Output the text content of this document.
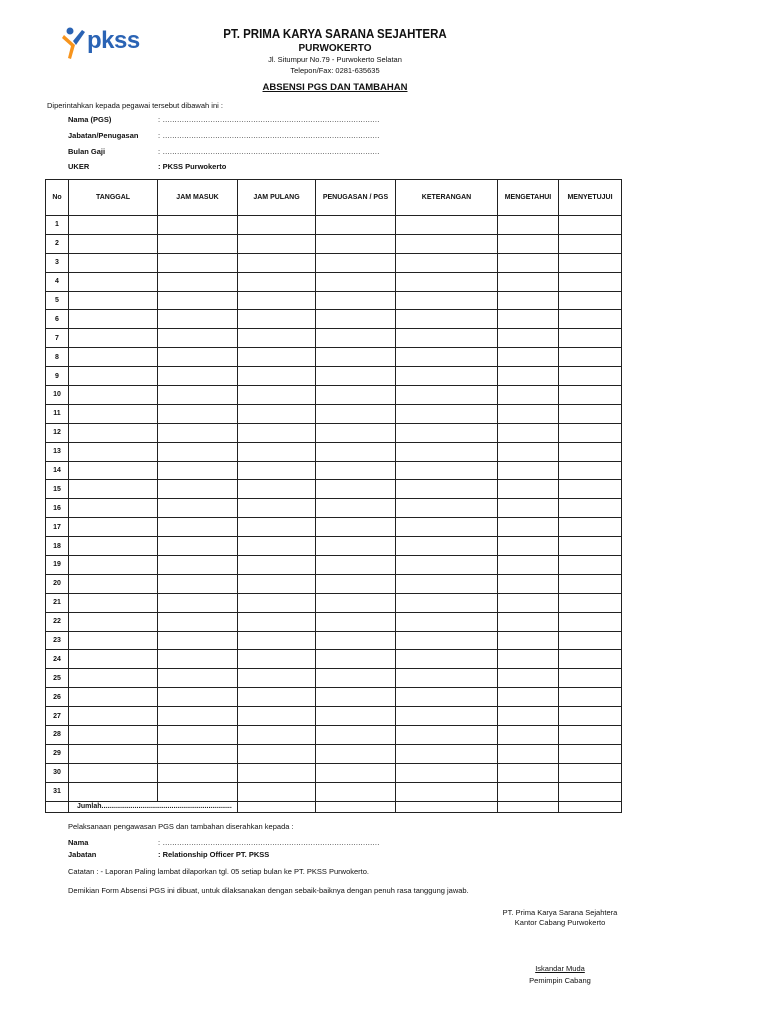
pkss	PT. PRIMA KARYA SARANA SEJAHTERA
PURWOKERTO
Jl. Situmpur No.79 - Purwokerto Selatan
Telepon/Fax: 0281-635635
ABSENSI PGS DAN TAMBAHAN
Diperintahkan kepada pegawai tersebut dibawah ini :
Nama (PGS)	: ...........................................................................................
Jabatan/Penugasan	: ...........................................................................................
Bulan Gaji	: ...........................................................................................
UKER	: PKSS Purwokerto
No	TANGGAL	JAM MASUK	JAM PULANG	PENUGASAN / PGS	KETERANGAN	MENGETAHUI	MENYETUJUI
1							
2							
3							
4							
5							
6							
7							
8							
9							
10							
11							
12							
13							
14							
15							
16							
17							
18							
19							
20							
21							
22							
23							
24							
25							
26							
27							
28							
29							
30							
31							
	Jumlah...................................................................						
Pelaksanaan pengawasan PGS dan tambahan diserahkan kepada :
Nama	: ...........................................................................................
Jabatan	: Relationship Officer PT. PKSS
Catatan : - Laporan Paling lambat dilaporkan tgl. 05 setiap bulan ke PT. PKSS Purwokerto.
Demikian Form Absensi PGS ini dibuat, untuk dilaksanakan dengan sebaik-baiknya dengan penuh rasa tanggung jawab.
PT. Prima Karya Sarana Sejahtera
Kantor Cabang Purwokerto
Iskandar Muda
Pemimpin Cabang
